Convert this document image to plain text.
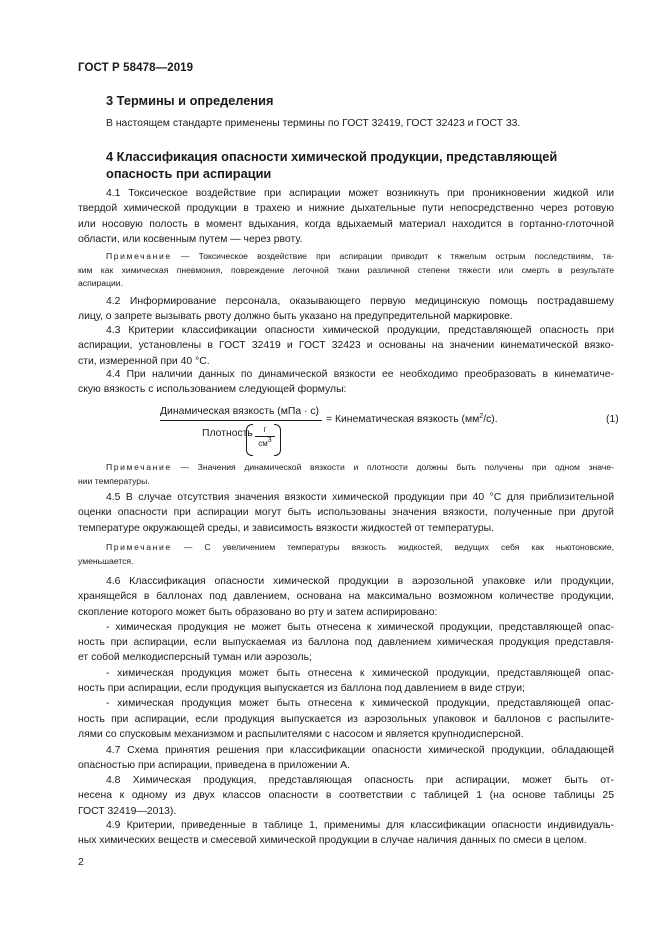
ГОСТ Р 58478—2019
3 Термины и определения
В настоящем стандарте применены термины по ГОСТ 32419, ГОСТ 32423 и ГОСТ 33.
4 Классификация опасности химической продукции, представляющей
опасность при аспирации
4.1 Токсическое воздействие при аспирации может возникнуть при проникновении жидкой или
твердой химической продукции в трахею и нижние дыхательные пути непосредственно через ротовую
или носовую полость в момент вдыхания, когда вдыхаемый материал находится в гортанно-глоточной
области, или косвенным путем — через рвоту.
Примечание — Токсическое воздействие при аспирации приводит к тяжелым острым последствиям, та-
ким как химическая пневмония, повреждение легочной ткани различной степени тяжести или смерть в результате
аспирации.
4.2 Информирование персонала, оказывающего первую медицинскую помощь пострадавшему
лицу, о запрете вызывать рвоту должно быть указано на предупредительной маркировке.
4.3 Критерии классификации опасности химической продукции, представляющей опасность при
аспирации, установлены в ГОСТ 32419 и ГОСТ 32423 и основаны на значении кинематической вязко-
сти, измеренной при 40 °С.
4.4 При наличии данных по динамической вязкости ее необходимо преобразовать в кинематиче-
скую вязкость с использованием следующей формулы:
Динамическая вязкость (мПа · с)
= Кинематическая вязкость $(мм^2/с)$.	(1)
Плотность	г
$см^3$
Примечание — Значения динамической вязкости и плотности должны быть получены при одном значе-
нии температуры.
4.5 В случае отсутствия значения вязкости химической продукции при 40 °С для приблизительной
оценки опасности при аспирации могут быть использованы значения вязкости, полученные при другой
температуре окружающей среды, и зависимость вязкости жидкостей от температуры.
Примечание — С увеличением температуры вязкость жидкостей, ведущих себя как ньютоновские,
уменьшается.
4.6 Классификация опасности химической продукции в аэрозольной упаковке или продукции,
хранящейся в баллонах под давлением, основана на максимально возможном количестве продукции,
скопление которого может быть образовано во рту и затем аспирировано:
- химическая продукция не может быть отнесена к химической продукции, представляющей опас-
ность при аспирации, если выпускаемая из баллона под давлением химическая продукция представля-
ет собой мелкодисперсный туман или аэрозоль;
- химическая продукция может быть отнесена к химической продукции, представляющей опас-
ность при аспирации, если продукция выпускается из баллона под давлением в виде струи;
- химическая продукция может быть отнесена к химической продукции, представляющей опас-
ность при аспирации, если продукция выпускается из аэрозольных упаковок и баллонов с распылите-
лями со спусковым механизмом и распылителями с насосом и является крупнодисперсной.
4.7 Схема принятия решения при классификации опасности химической продукции, обладающей
опасностью при аспирации, приведена в приложении А.
4.8 Химическая продукция, представляющая опасность при аспирации, может быть от-
несена к одному из двух классов опасности в соответствии с таблицей 1 (на основе таблицы 25
ГОСТ 32419—2013).
4.9 Критерии, приведенные в таблице 1, применимы для классификации опасности индивидуаль-
ных химических веществ и смесевой химической продукции в случае наличия данных по смеси в целом.
2
